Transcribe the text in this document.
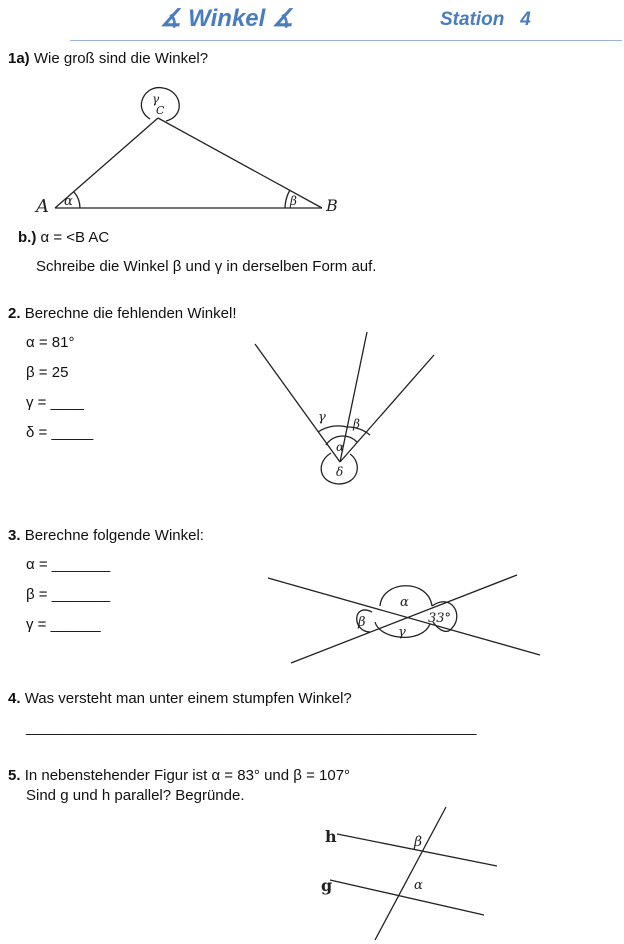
∡ Winkel ∡	Station   4
1a) Wie groß sind die Winkel?
A	B
C
α	β
γ
b.) α = <B AC
Schreibe die Winkel β und γ in derselben Form auf.
2. Berechne die fehlenden Winkel!
α = 81°
β = 25
γ = ____
δ = _____
γ β
α
δ
3. Berechne folgende Winkel:
α = _______
β = _______
γ = ______
α
33°
β
γ
4. Was versteht man unter einem stumpfen Winkel?
______________________________________________________
5. In nebenstehender Figur ist α = 83° und β = 107°
Sind g und h parallel? Begründe.
h
g
β
α
